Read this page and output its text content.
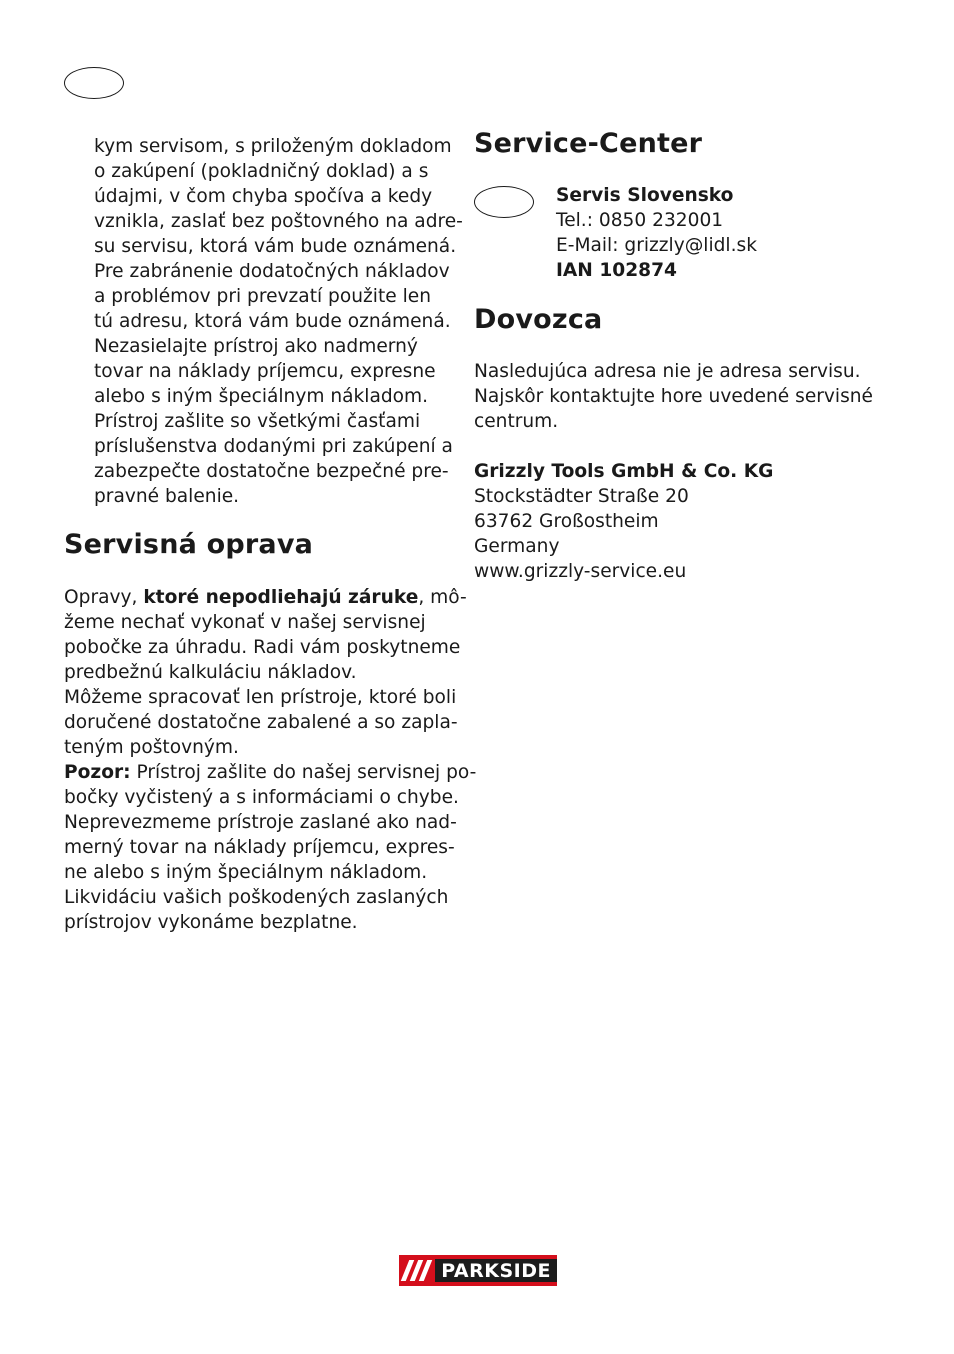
kym servisom, s priloženým dokladom
o zakúpení (pokladničný doklad) a s
údajmi, v čom chyba spočíva a kedy
vznikla, zaslať bez poštovného na adre-
su servisu, ktorá vám bude oznámená.
Pre zabránenie dodatočných nákladov
a problémov pri prevzatí použite len
tú adresu, ktorá vám bude oznámená.
Nezasielajte prístroj ako nadmerný
tovar na náklady príjemcu, expresne
alebo s iným špeciálnym nákladom.
Prístroj zašlite so všetkými časťami
príslušenstva dodanými pri zakúpení a
zabezpečte dostatočne bezpečné pre-
pravné balenie.
Servisná oprava
Opravy, ktoré nepodliehajú záruke, mô-
žeme nechať vykonať v našej servisnej
pobočke za úhradu. Radi vám poskytneme
predbežnú kalkuláciu nákladov.
Môžeme spracovať len prístroje, ktoré boli
doručené dostatočne zabalené a so zapla-
teným poštovným.
Pozor: Prístroj zašlite do našej servisnej po-
bočky vyčistený a s informáciami o chybe.
Neprevezmeme prístroje zaslané ako nad-
merný tovar na náklady príjemcu, expres-
ne alebo s iným špeciálnym nákladom.
Likvidáciu vašich poškodených zaslaných
prístrojov vykonáme bezplatne.
Service-Center
Servis Slovensko
Tel.: 0850 232001
E-Mail: grizzly@lidl.sk
IAN 102874
Dovozca
Nasledujúca adresa nie je adresa servisu.
Najskôr kontaktujte hore uvedené servisné
centrum.
Grizzly Tools GmbH & Co. KG
Stockstädter Straße 20
63762 Großostheim
Germany
www.grizzly-service.eu
PARKSIDE
